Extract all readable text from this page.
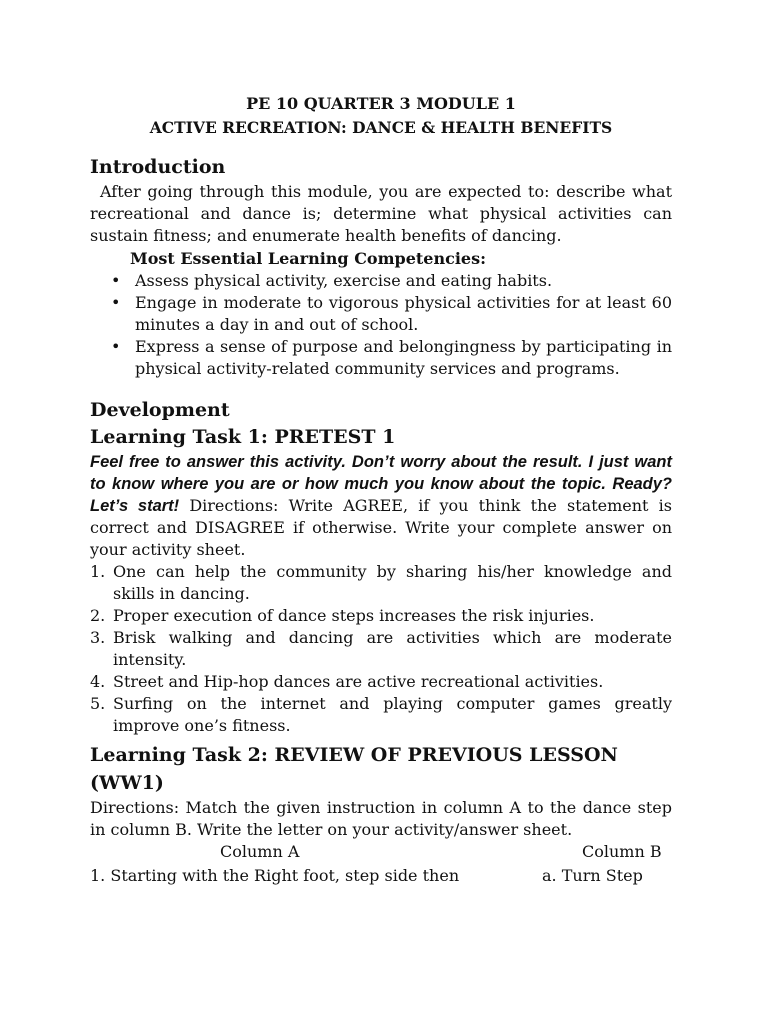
PE 10 QUARTER 3 MODULE 1

ACTIVE RECREATION: DANCE & HEALTH BENEFITS

Introduction

After going through this module, you are expected to: describe what recreational and dance is; determine what physical activities can sustain fitness; and enumerate health benefits of dancing.

Most Essential Learning Competencies:

• Assess physical activity, exercise and eating habits.
• Engage in moderate to vigorous physical activities for at least 60 minutes a day in and out of school.
• Express a sense of purpose and belongingness by participating in physical activity-related community services and programs.

Development

Learning Task 1: PRETEST 1

Feel free to answer this activity. Don’t worry about the result. I just want to know where you are or how much you know about the topic. Ready? Let’s start! Directions: Write AGREE, if you think the statement is correct and DISAGREE if otherwise. Write your complete answer on your activity sheet.

1. One can help the community by sharing his/her knowledge and skills in dancing.
2. Proper execution of dance steps increases the risk injuries.
3. Brisk walking and dancing are activities which are moderate intensity.
4. Street and Hip-hop dances are active recreational activities.
5. Surfing on the internet and playing computer games greatly improve one’s fitness.

Learning Task 2: REVIEW OF PREVIOUS LESSON (WW1)

Directions: Match the given instruction in column A to the dance step in column B. Write the letter on your activity/answer sheet.

Column A	Column B
1. Starting with the Right foot, step side then	a. Turn Step
